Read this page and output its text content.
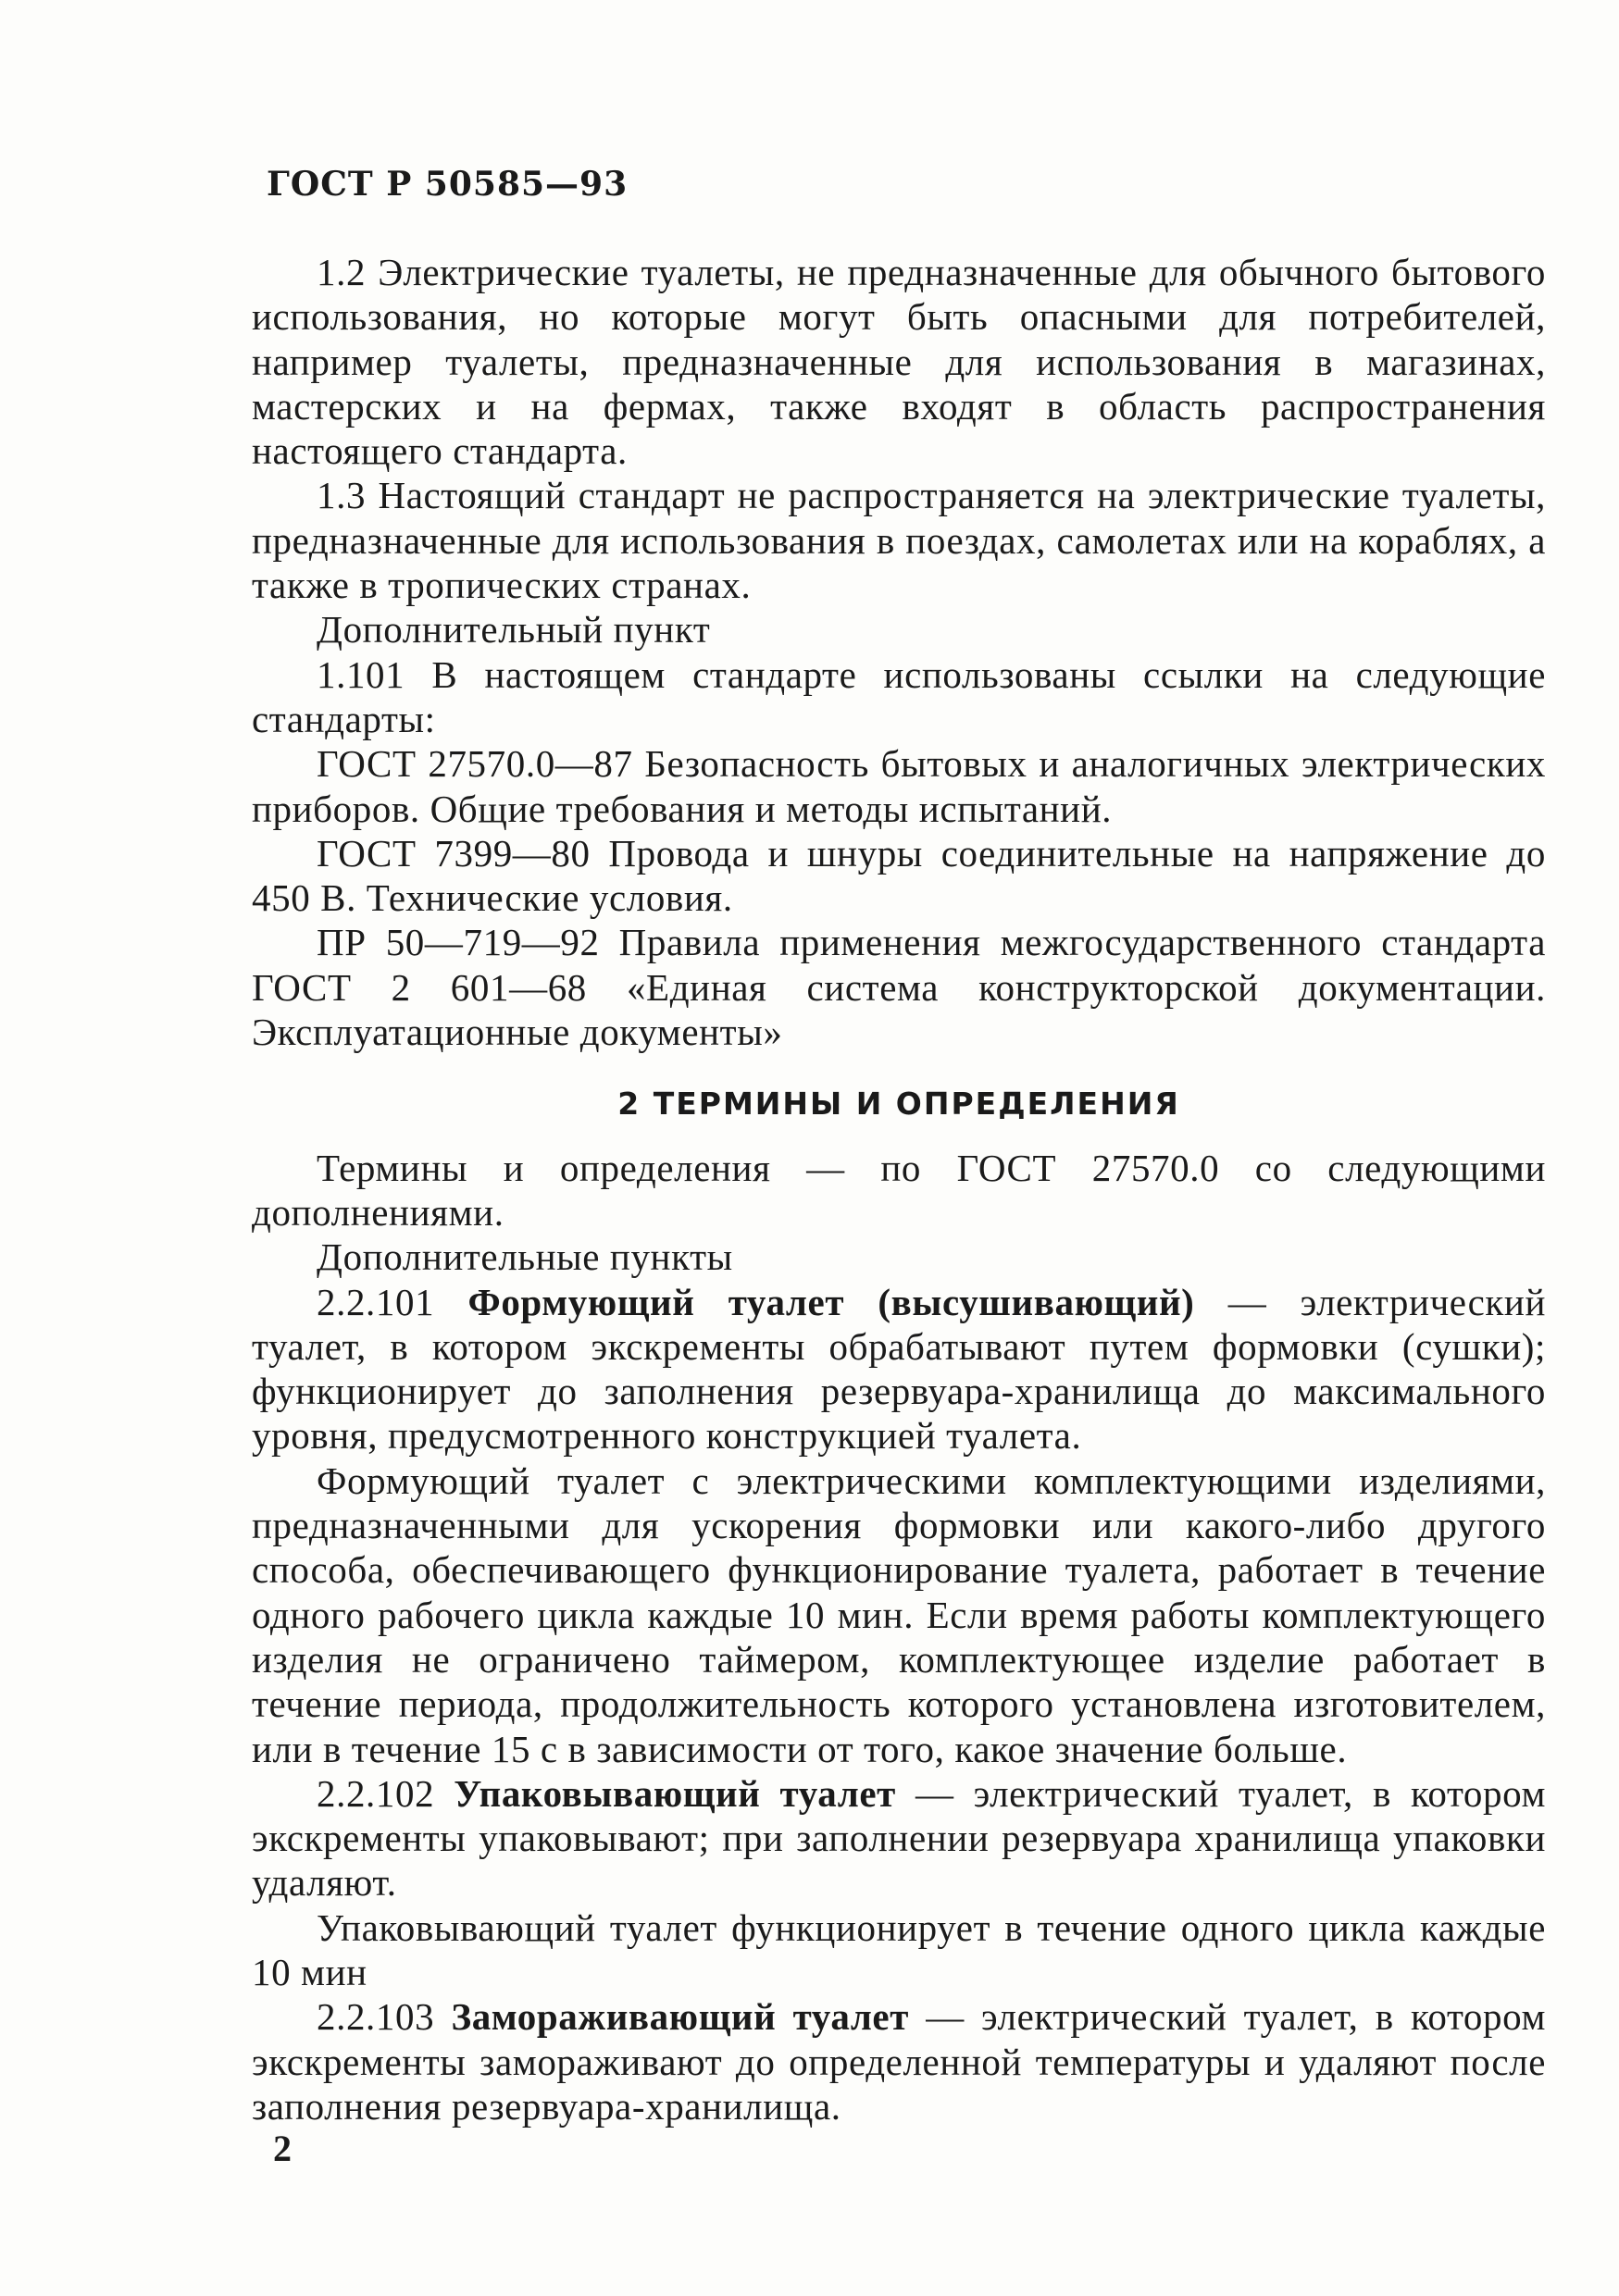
ГОСТ Р 50585—93

1.2 Электрические туалеты, не предназначенные для обычного бытового использования, но которые могут быть опасными для потребителей, например туалеты, предназначенные для использования в магазинах, мастерских и на фермах, также входят в область распространения настоящего стандарта.

1.3 Настоящий стандарт не распространяется на электрические туалеты, предназначенные для использования в поездах, самолетах или на кораблях, а также в тропических странах.

Дополнительный пункт

1.101 В настоящем стандарте использованы ссылки на следующие стандарты:

ГОСТ 27570.0—87 Безопасность бытовых и аналогичных электрических приборов. Общие требования и методы испытаний.

ГОСТ 7399—80 Провода и шнуры соединительные на напряжение до 450 В. Технические условия.

ПР 50—719—92 Правила применения межгосударственного стандарта ГОСТ 2 601—68 «Единая система конструкторской документации. Эксплуатационные документы»

2 ТЕРМИНЫ И ОПРЕДЕЛЕНИЯ

Термины и определения — по ГОСТ 27570.0 со следующими дополнениями.

Дополнительные пункты

2.2.101 Формующий туалет (высушивающий) — электрический туалет, в котором экскременты обрабатывают путем формовки (сушки); функционирует до заполнения резервуара-хранилища до максимального уровня, предусмотренного конструкцией туалета.

Формующий туалет с электрическими комплектующими изделиями, предназначенными для ускорения формовки или какого-либо другого способа, обеспечивающего функционирование туалета, работает в течение одного рабочего цикла каждые 10 мин. Если время работы комплектующего изделия не ограничено таймером, комплектующее изделие работает в течение периода, продолжительность которого установлена изготовителем, или в течение 15 с в зависимости от того, какое значение больше.

2.2.102 Упаковывающий туалет — электрический туалет, в котором экскременты упаковывают; при заполнении резервуара хранилища упаковки удаляют.

Упаковывающий туалет функционирует в течение одного цикла каждые 10 мин

2.2.103 Замораживающий туалет — электрический туалет, в котором экскременты замораживают до определенной температуры и удаляют после заполнения резервуара-хранилища.

2
